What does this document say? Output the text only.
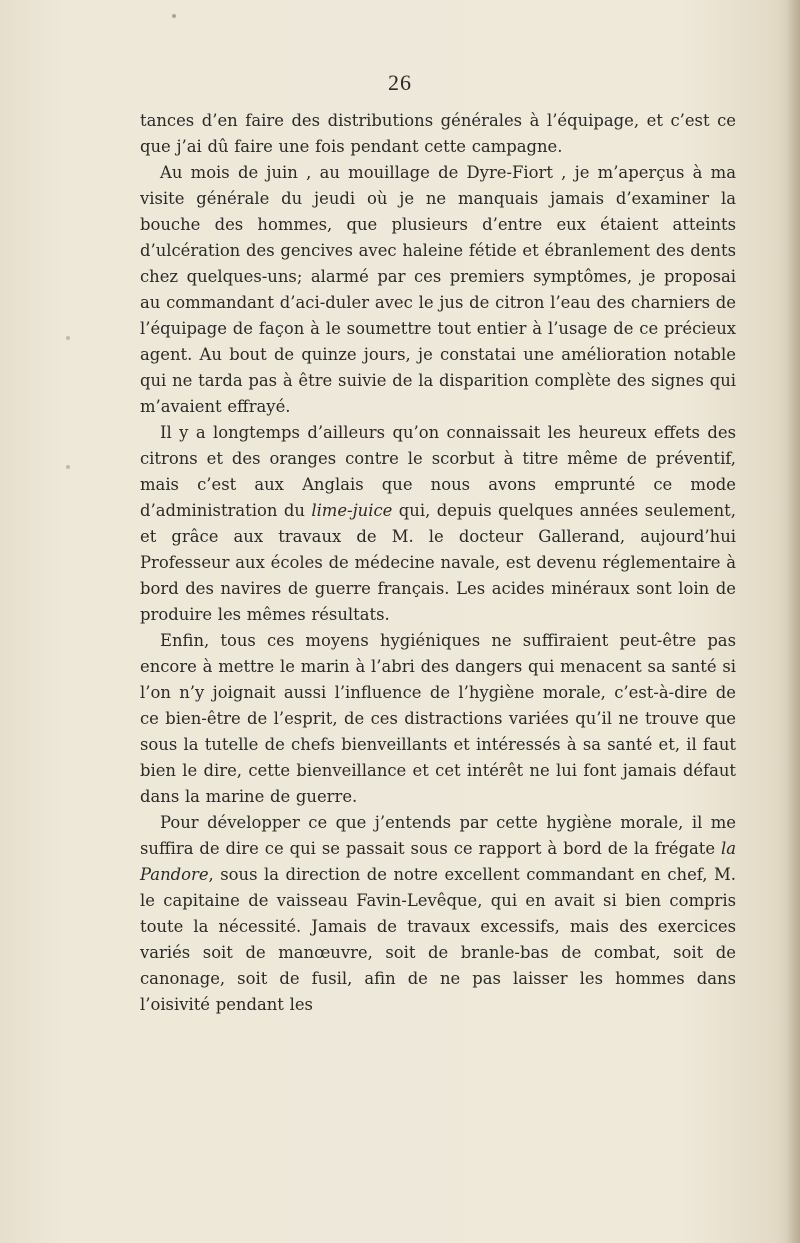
26

tances d’en faire des distributions générales à l’équipage, et c’est ce que j’ai dû faire une fois pendant cette campagne.

Au mois de juin , au mouillage de Dyre-Fiort , je m’aperçus à ma visite générale du jeudi où je ne manquais jamais d’examiner la bouche des hommes, que plusieurs d’entre eux étaient atteints d’ulcération des gencives avec haleine fétide et ébranlement des dents chez quelques-uns; alarmé par ces premiers symptômes, je proposai au commandant d’aci-duler avec le jus de citron l’eau des charniers de l’équipage de façon à le soumettre tout entier à l’usage de ce précieux agent. Au bout de quinze jours, je constatai une amélioration notable qui ne tarda pas à être suivie de la disparition complète des signes qui m’avaient effrayé.

Il y a longtemps d’ailleurs qu’on connaissait les heureux effets des citrons et des oranges contre le scorbut à titre même de préventif, mais c’est aux Anglais que nous avons emprunté ce mode d’administration du lime-juice qui, depuis quelques années seulement, et grâce aux travaux de M. le docteur Gallerand, aujourd’hui Professeur aux écoles de médecine navale, est devenu réglementaire à bord des navires de guerre français. Les acides minéraux sont loin de produire les mêmes résultats.

Enfin, tous ces moyens hygiéniques ne suffiraient peut-être pas encore à mettre le marin à l’abri des dangers qui menacent sa santé si l’on n’y joignait aussi l’influence de l’hygiène morale, c’est-à-dire de ce bien-être de l’esprit, de ces distractions variées qu’il ne trouve que sous la tutelle de chefs bienveillants et intéressés à sa santé et, il faut bien le dire, cette bienveillance et cet intérêt ne lui font jamais défaut dans la marine de guerre.

Pour développer ce que j’entends par cette hygiène morale, il me suffira de dire ce qui se passait sous ce rapport à bord de la frégate la Pandore, sous la direction de notre excellent commandant en chef, M. le capitaine de vaisseau Favin-Levêque, qui en avait si bien compris toute la nécessité. Jamais de travaux excessifs, mais des exercices variés soit de manœuvre, soit de branle-bas de combat, soit de canonage, soit de fusil, afin de ne pas laisser les hommes dans l’oisivité pendant les
